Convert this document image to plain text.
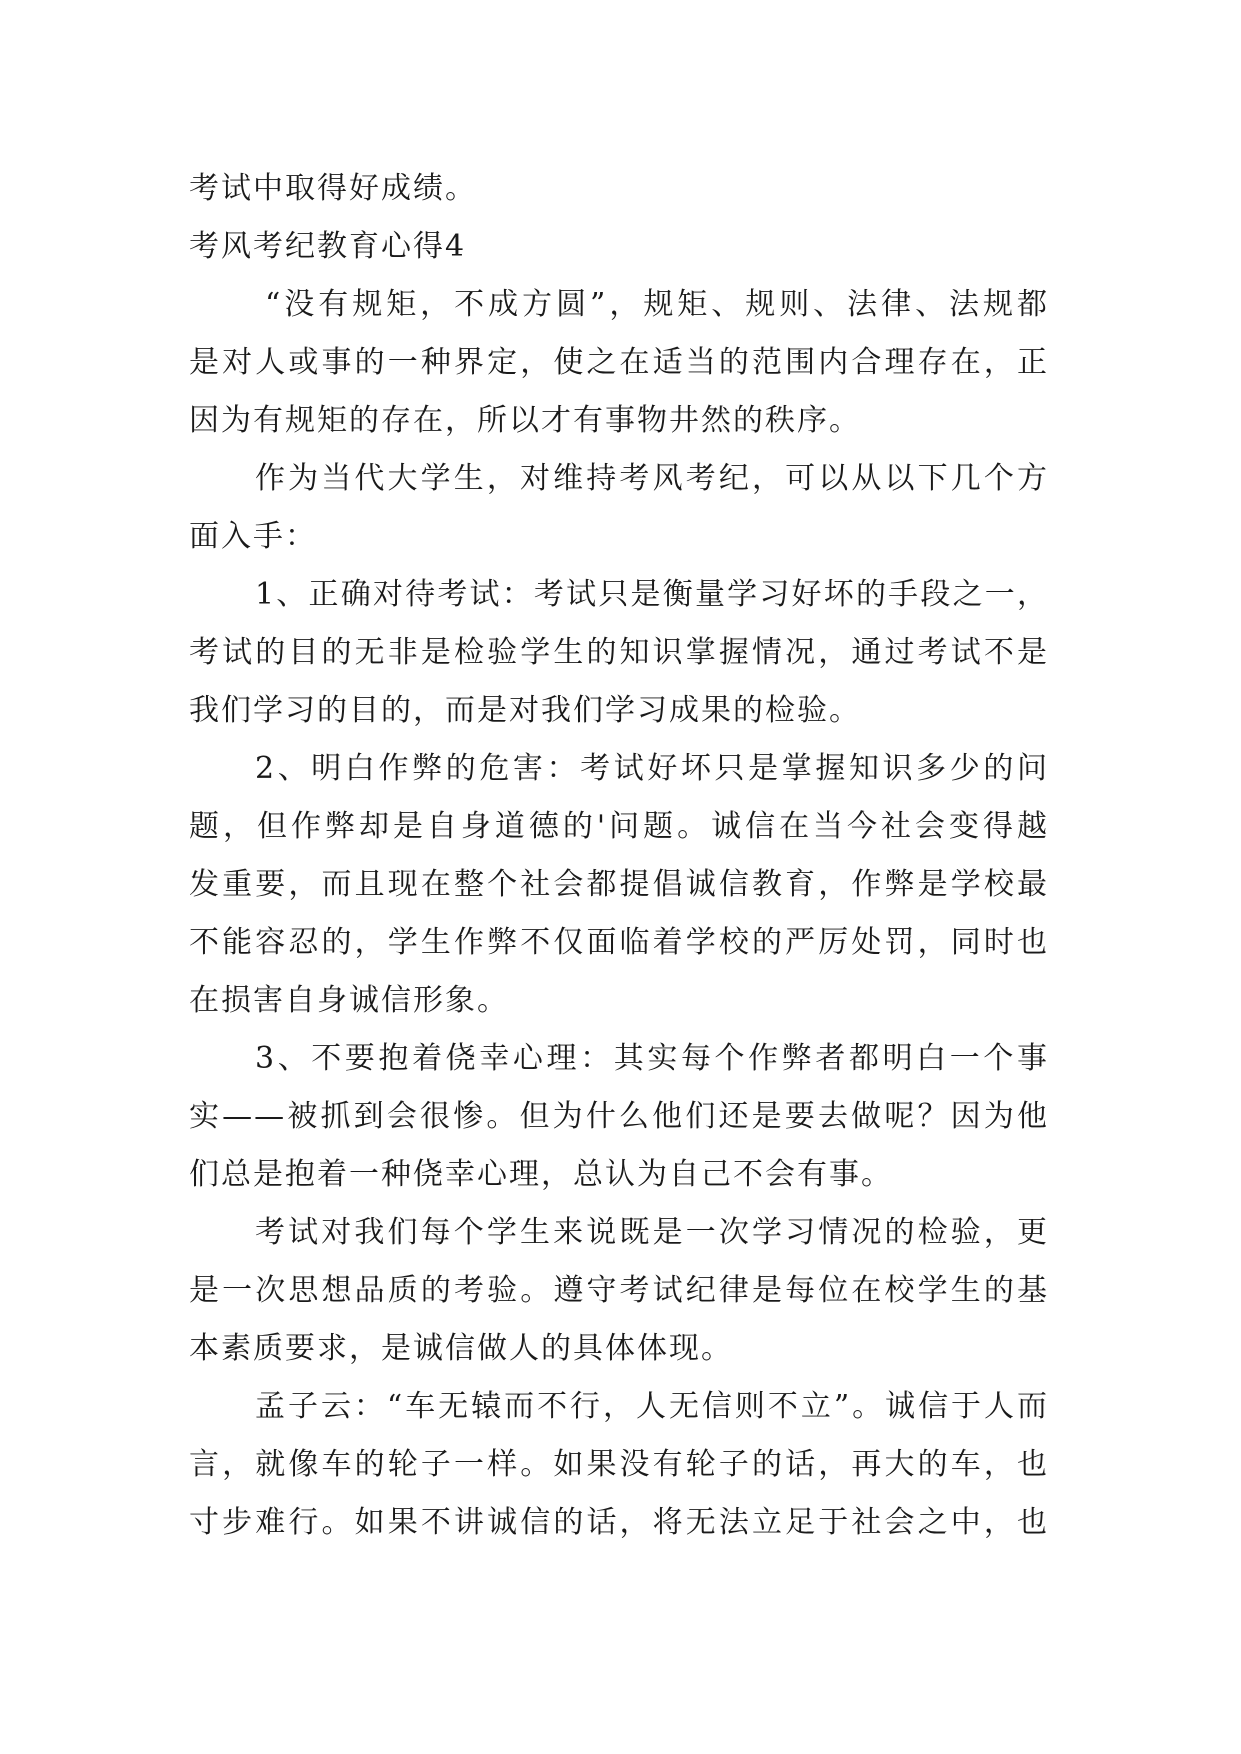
考试中取得好成绩。
考风考纪教育心得4
“没有规矩，不成方圆”，规矩、规则、法律、法规都
是对人或事的一种界定，使之在适当的范围内合理存在，正
因为有规矩的存在，所以才有事物井然的秩序。
作为当代大学生，对维持考风考纪，可以从以下几个方
面入手：
1、正确对待考试：考试只是衡量学习好坏的手段之一，
考试的目的无非是检验学生的知识掌握情况，通过考试不是
我们学习的目的，而是对我们学习成果的检验。
2、明白作弊的危害：考试好坏只是掌握知识多少的问
题，但作弊却是自身道德的'问题。诚信在当今社会变得越
发重要，而且现在整个社会都提倡诚信教育，作弊是学校最
不能容忍的，学生作弊不仅面临着学校的严厉处罚，同时也
在损害自身诚信形象。
3、不要抱着侥幸心理：其实每个作弊者都明白一个事
实——被抓到会很惨。但为什么他们还是要去做呢？因为他
们总是抱着一种侥幸心理，总认为自己不会有事。
考试对我们每个学生来说既是一次学习情况的检验，更
是一次思想品质的考验。遵守考试纪律是每位在校学生的基
本素质要求，是诚信做人的具体体现。
孟子云：“车无辕而不行，人无信则不立”。诚信于人而
言，就像车的轮子一样。如果没有轮子的话，再大的车，也
寸步难行。如果不讲诚信的话，将无法立足于社会之中，也
